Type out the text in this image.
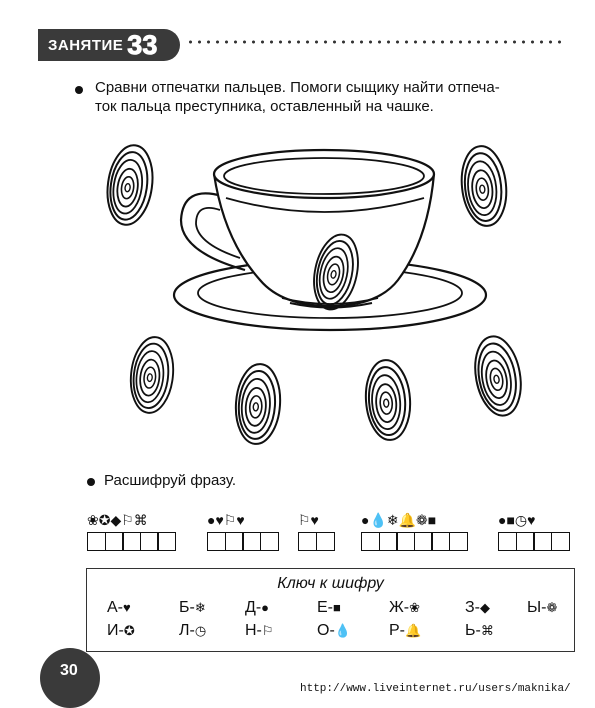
ЗАНЯТИЕ 33
Сравни отпечатки пальцев. Помоги сыщику найти отпеча-
ток пальца преступника, оставленный на чашке.
Расшифруй фразу.
❀✪◆⚐⌘	●♥⚐♥	⚐♥	●💧❄🔔❁■	●■◷♥
Ключ к шифру
А-♥	Б-❄ Д-●	Е-■	Ж-❀	З-◆ Ы-❁
И-✪	Л-◷ Н-⚐	О-💧 Р-🔔	Ь-⌘
30
http://www.liveinternet.ru/users/maknika/
